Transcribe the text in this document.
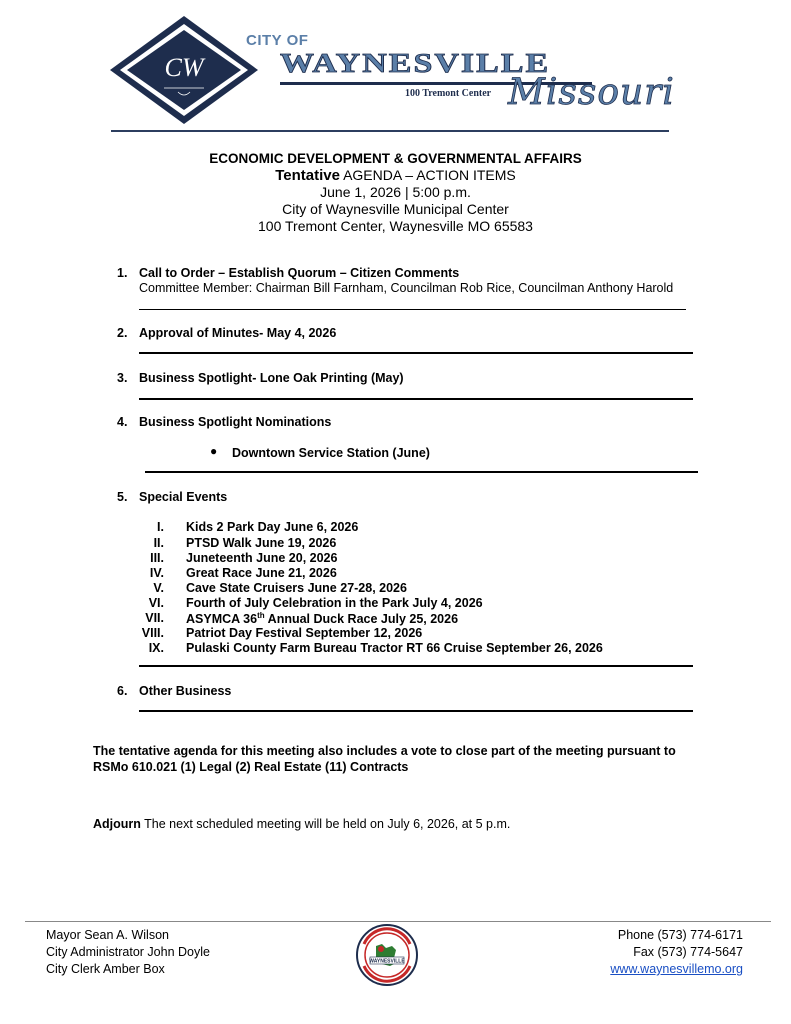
CW
CITY OF
WAYNESVILLE
100 Tremont Center Missouri
ECONOMIC DEVELOPMENT & GOVERNMENTAL AFFAIRS
Tentative AGENDA – ACTION ITEMS
June 1, 2026 | 5:00 p.m.
City of Waynesville Municipal Center
100 Tremont Center, Waynesville MO 65583
1. Call to Order – Establish Quorum – Citizen Comments
Committee Member: Chairman Bill Farnham, Councilman Rob Rice, Councilman Anthony Harold
2. Approval of Minutes- May 4, 2026
3. Business Spotlight- Lone Oak Printing (May)
4. Business Spotlight Nominations
● Downtown Service Station (June)
5. Special Events
I. Kids 2 Park Day June 6, 2026
II. PTSD Walk June 19, 2026
III. Juneteenth June 20, 2026
IV. Great Race June 21, 2026
V. Cave State Cruisers June 27-28, 2026
VI. Fourth of July Celebration in the Park July 4, 2026
VII. ASYMCA 36th Annual Duck Race July 25, 2026
VIII. Patriot Day Festival September 12, 2026
IX. Pulaski County Farm Bureau Tractor RT 66 Cruise September 26, 2026
6. Other Business
The tentative agenda for this meeting also includes a vote to close part of the meeting pursuant to
RSMo 610.021 (1) Legal (2) Real Estate (11) Contracts
Adjourn The next scheduled meeting will be held on July 6, 2026, at 5 p.m.
Mayor Sean A. Wilson
City Administrator John Doyle
City Clerk Amber Box
WAYNESVILLE
Phone (573) 774-6171
Fax (573) 774-5647
www.waynesvillemo.org
